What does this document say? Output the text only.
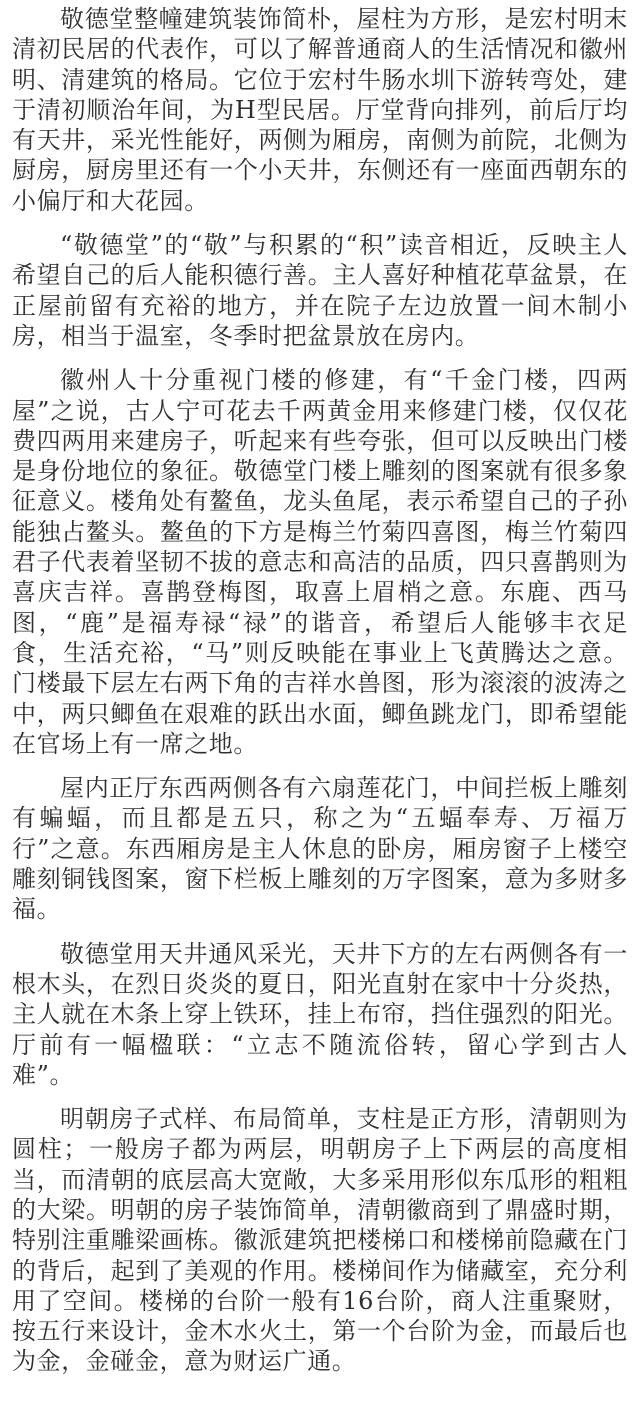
敬德堂整幢建筑装饰简朴，屋柱为方形，是宏村明末清初民居的代表作，可以了解普通商人的生活情况和徽州明、清建筑的格局。它位于宏村牛肠水圳下游转弯处，建于清初顺治年间，为H型民居。厅堂背向排列，前后厅均有天井，采光性能好，两侧为厢房，南侧为前院，北侧为厨房，厨房里还有一个小天井，东侧还有一座面西朝东的小偏厅和大花园。

“敬德堂”的“敬”与积累的“积”读音相近，反映主人希望自己的后人能积德行善。主人喜好种植花草盆景，在正屋前留有充裕的地方，并在院子左边放置一间木制小房，相当于温室，冬季时把盆景放在房内。

徽州人十分重视门楼的修建，有“千金门楼，四两屋”之说，古人宁可花去千两黄金用来修建门楼，仅仅花费四两用来建房子，听起来有些夸张，但可以反映出门楼是身份地位的象征。敬德堂门楼上雕刻的图案就有很多象征意义。楼角处有鳌鱼，龙头鱼尾，表示希望自己的子孙能独占鳌头。鳌鱼的下方是梅兰竹菊四喜图，梅兰竹菊四君子代表着坚韧不拔的意志和高洁的品质，四只喜鹊则为喜庆吉祥。喜鹊登梅图，取喜上眉梢之意。东鹿、西马图，“鹿”是福寿禄“禄”的谐音，希望后人能够丰衣足食，生活充裕，“马”则反映能在事业上飞黄腾达之意。门楼最下层左右两下角的吉祥水兽图，形为滚滚的波涛之中，两只鲫鱼在艰难的跃出水面，鲫鱼跳龙门，即希望能在官场上有一席之地。

屋内正厅东西两侧各有六扇莲花门，中间拦板上雕刻有蝙蝠，而且都是五只，称之为“五蝠奉寿、万福万行”之意。东西厢房是主人休息的卧房，厢房窗子上楼空雕刻铜钱图案，窗下栏板上雕刻的万字图案，意为多财多福。

敬德堂用天井通风采光，天井下方的左右两侧各有一根木头，在烈日炎炎的夏日，阳光直射在家中十分炎热，主人就在木条上穿上铁环，挂上布帘，挡住强烈的阳光。厅前有一幅楹联：“立志不随流俗转，留心学到古人难”。

明朝房子式样、布局简单，支柱是正方形，清朝则为圆柱；一般房子都为两层，明朝房子上下两层的高度相当，而清朝的底层高大宽敞，大多采用形似东瓜形的粗粗的大梁。明朝的房子装饰简单，清朝徽商到了鼎盛时期，特别注重雕梁画栋。徽派建筑把楼梯口和楼梯前隐藏在门的背后，起到了美观的作用。楼梯间作为储藏室，充分利用了空间。楼梯的台阶一般有16台阶，商人注重聚财，按五行来设计，金木水火土，第一个台阶为金，而最后也为金，金碰金，意为财运广通。
